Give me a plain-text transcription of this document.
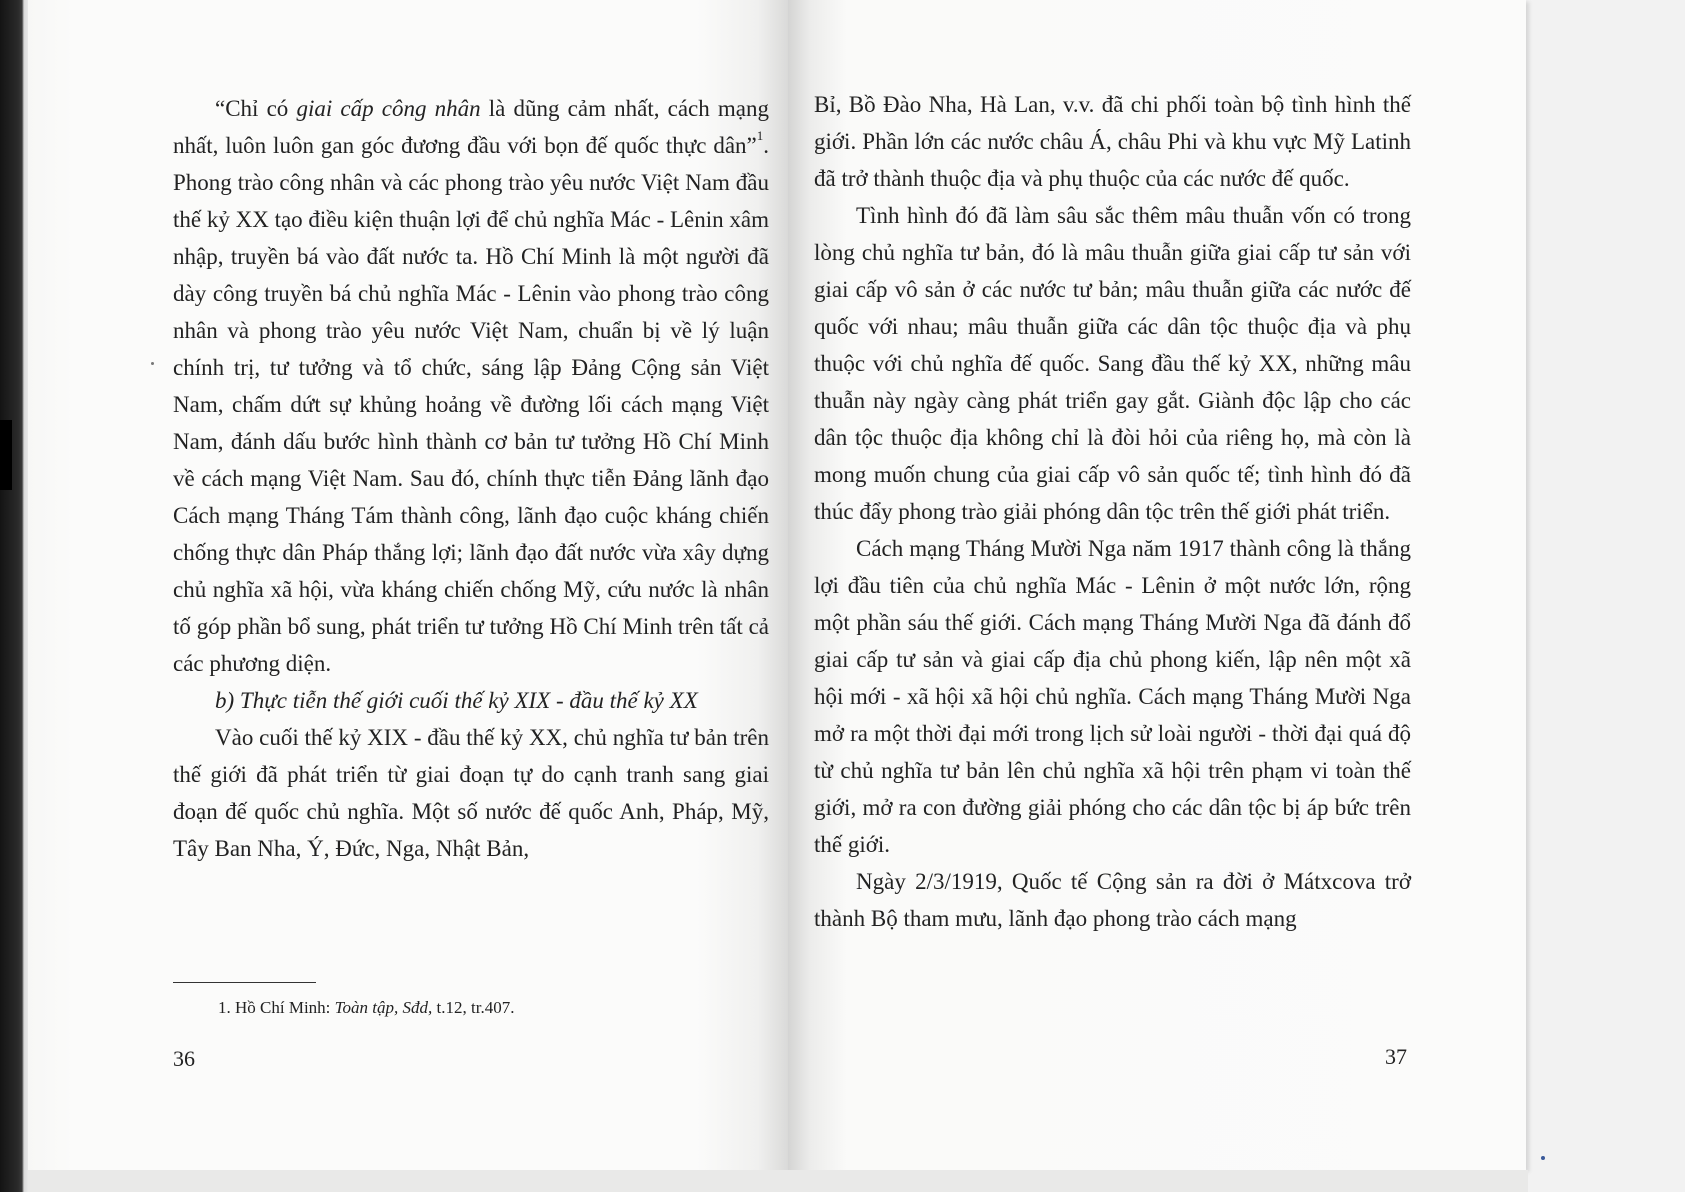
“Chỉ có giai cấp công nhân là dũng cảm nhất, cách mạng nhất, luôn luôn gan góc đương đầu với bọn đế quốc thực dân”$^1$. Phong trào công nhân và các phong trào yêu nước Việt Nam đầu thế kỷ XX tạo điều kiện thuận lợi để chủ nghĩa Mác - Lênin xâm nhập, truyền bá vào đất nước ta. Hồ Chí Minh là một người đã dày công truyền bá chủ nghĩa Mác - Lênin vào phong trào công nhân và phong trào yêu nước Việt Nam, chuẩn bị về lý luận chính trị, tư tưởng và tổ chức, sáng lập Đảng Cộng sản Việt Nam, chấm dứt sự khủng hoảng về đường lối cách mạng Việt Nam, đánh dấu bước hình thành cơ bản tư tưởng Hồ Chí Minh về cách mạng Việt Nam. Sau đó, chính thực tiễn Đảng lãnh đạo Cách mạng Tháng Tám thành công, lãnh đạo cuộc kháng chiến chống thực dân Pháp thắng lợi; lãnh đạo đất nước vừa xây dựng chủ nghĩa xã hội, vừa kháng chiến chống Mỹ, cứu nước là nhân tố góp phần bổ sung, phát triển tư tưởng Hồ Chí Minh trên tất cả các phương diện.

b) Thực tiễn thế giới cuối thế kỷ XIX - đầu thế kỷ XX

Vào cuối thế kỷ XIX - đầu thế kỷ XX, chủ nghĩa tư bản trên thế giới đã phát triển từ giai đoạn tự do cạnh tranh sang giai đoạn đế quốc chủ nghĩa. Một số nước đế quốc Anh, Pháp, Mỹ, Tây Ban Nha, Ý, Đức, Nga, Nhật Bản,

1. Hồ Chí Minh: Toàn tập, Sđd, t.12, tr.407.
36

Bỉ, Bồ Đào Nha, Hà Lan, v.v. đã chi phối toàn bộ tình hình thế giới. Phần lớn các nước châu Á, châu Phi và khu vực Mỹ Latinh đã trở thành thuộc địa và phụ thuộc của các nước đế quốc.

Tình hình đó đã làm sâu sắc thêm mâu thuẫn vốn có trong lòng chủ nghĩa tư bản, đó là mâu thuẫn giữa giai cấp tư sản với giai cấp vô sản ở các nước tư bản; mâu thuẫn giữa các nước đế quốc với nhau; mâu thuẫn giữa các dân tộc thuộc địa và phụ thuộc với chủ nghĩa đế quốc. Sang đầu thế kỷ XX, những mâu thuẫn này ngày càng phát triển gay gắt. Giành độc lập cho các dân tộc thuộc địa không chỉ là đòi hỏi của riêng họ, mà còn là mong muốn chung của giai cấp vô sản quốc tế; tình hình đó đã thúc đẩy phong trào giải phóng dân tộc trên thế giới phát triển.

Cách mạng Tháng Mười Nga năm 1917 thành công là thắng lợi đầu tiên của chủ nghĩa Mác - Lênin ở một nước lớn, rộng một phần sáu thế giới. Cách mạng Tháng Mười Nga đã đánh đổ giai cấp tư sản và giai cấp địa chủ phong kiến, lập nên một xã hội mới - xã hội xã hội chủ nghĩa. Cách mạng Tháng Mười Nga mở ra một thời đại mới trong lịch sử loài người - thời đại quá độ từ chủ nghĩa tư bản lên chủ nghĩa xã hội trên phạm vi toàn thế giới, mở ra con đường giải phóng cho các dân tộc bị áp bức trên thế giới.

Ngày 2/3/1919, Quốc tế Cộng sản ra đời ở Mátxcova trở thành Bộ tham mưu, lãnh đạo phong trào cách mạng

37
